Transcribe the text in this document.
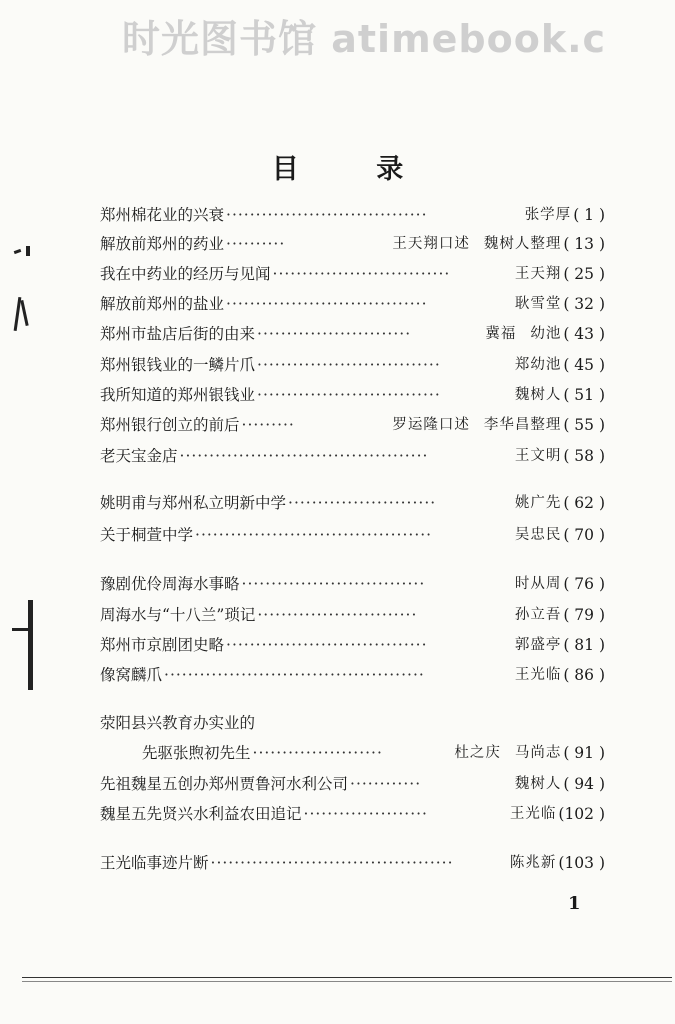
时光图书馆 atimebook.c
目 录
郑州棉花业的兴衰 ··································	张学厚 ( 1 )
解放前郑州的药业 ··········	王天翔口述 魏树人整理 ( 13 )
我在中药业的经历与见闻 ······························	王天翔 ( 25 )
解放前郑州的盐业 ··································	耿雪堂 ( 32 )
郑州市盐店后街的由来 ··························	冀福 幼池 ( 43 )
郑州银钱业的一鳞片爪 ·······························	郑幼池 ( 45 )
我所知道的郑州银钱业 ·······························	魏树人 ( 51 )
郑州银行创立的前后 ·········	罗运隆口述 李华昌整理 ( 55 )
老天宝金店 ··········································	王文明 ( 58 )
姚明甫与郑州私立明新中学 ·························	姚广先 ( 62 )
关于桐萱中学 ········································	吴忠民 ( 70 )
豫剧优伶周海水事略 ·······························	时从周 ( 76 )
周海水与“十八兰”琐记 ···························	孙立吾 ( 79 )
郑州市京剧团史略 ··································	郭盛亭 ( 81 )
像窝麟爪 ············································	王光临 ( 86 )
荥阳县兴教育办实业的
先驱张煦初先生 ······················	杜之庆 马尚志 ( 91 )
先祖魏星五创办郑州贾鲁河水利公司 ············	魏树人 ( 94 )
魏星五先贤兴水利益农田追记 ·····················	王光临 (102 )
王光临事迹片断 ·········································	陈兆新 (103 )
1
